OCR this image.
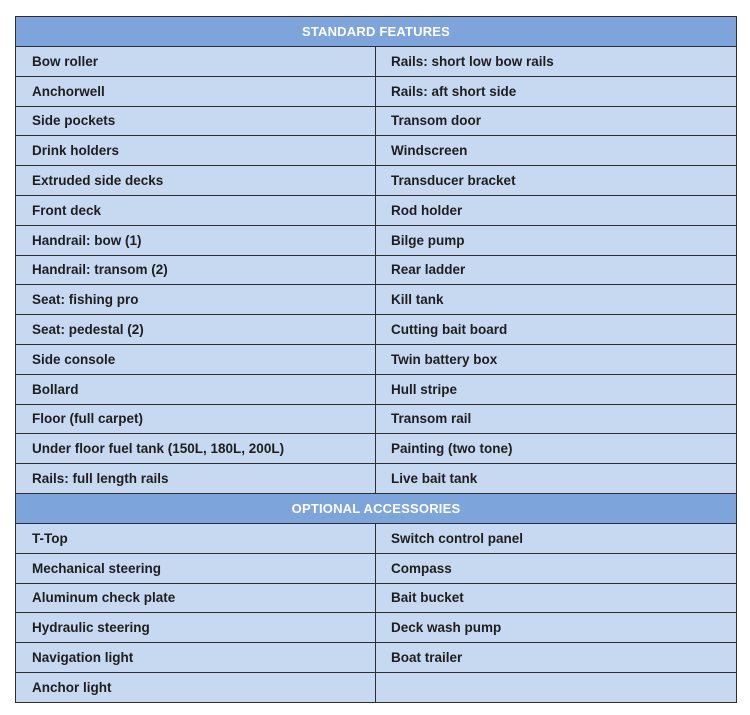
STANDARD FEATURES
Bow roller	Rails: short low bow rails
Anchorwell	Rails: aft short side
Side pockets	Transom door
Drink holders	Windscreen
Extruded side decks	Transducer bracket
Front deck	Rod holder
Handrail: bow (1)	Bilge pump
Handrail: transom (2)	Rear ladder
Seat: fishing pro	Kill tank
Seat: pedestal (2)	Cutting bait board
Side console	Twin battery box
Bollard	Hull stripe
Floor (full carpet)	Transom rail
Under floor fuel tank (150L, 180L, 200L)	Painting (two tone)
Rails: full length rails	Live bait tank
OPTIONAL ACCESSORIES
T-Top	Switch control panel
Mechanical steering	Compass
Aluminum check plate	Bait bucket
Hydraulic steering	Deck wash pump
Navigation light	Boat trailer
Anchor light
